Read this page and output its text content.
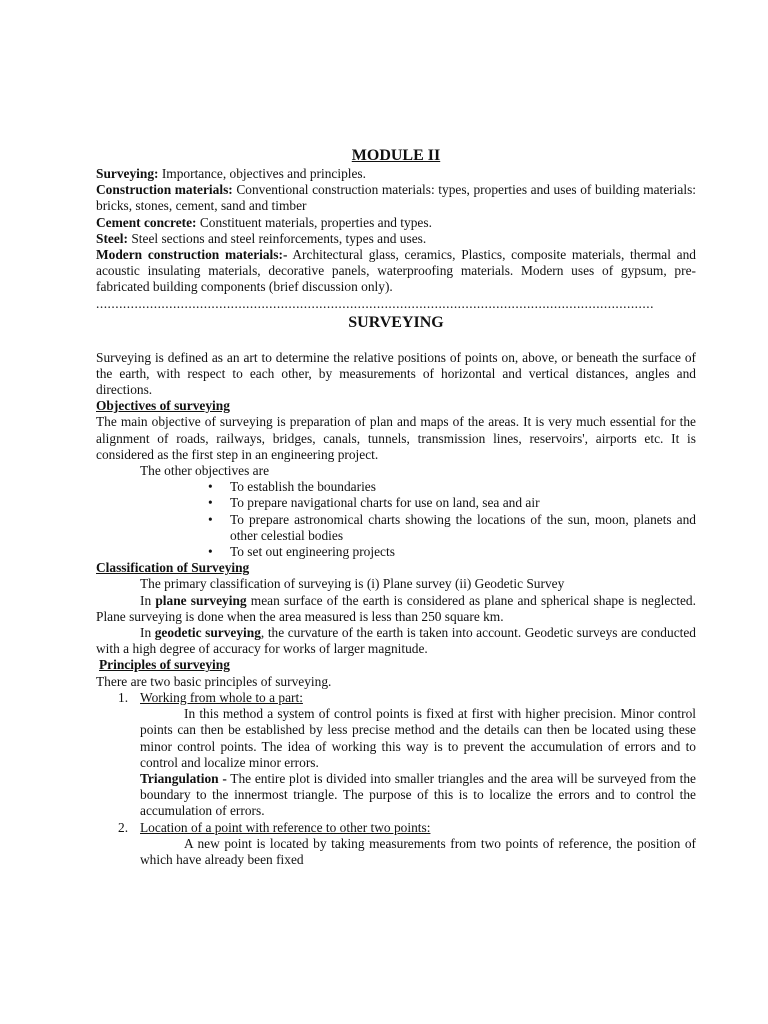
MODULE II

Surveying: Importance, objectives and principles.

Construction materials: Conventional construction materials: types, properties and uses of building materials: bricks, stones, cement, sand and timber

Cement concrete: Constituent materials, properties and types.

Steel: Steel sections and steel reinforcements, types and uses.

Modern construction materials:- Architectural glass, ceramics, Plastics, composite materials, thermal and acoustic insulating materials, decorative panels, waterproofing materials. Modern uses of gypsum, pre-fabricated building components (brief discussion only).

.................................................................................................................................................
SURVEYING

Surveying is defined as an art to determine the relative positions of points on, above, or beneath the surface of the earth, with respect to each other, by measurements of horizontal and vertical distances, angles and directions.

Objectives of surveying

The main objective of surveying is preparation of plan and maps of the areas. It is very much essential for the alignment of roads, railways, bridges, canals, tunnels, transmission lines, reservoirs', airports etc. It is considered as the first step in an engineering project.

The other objectives are

• To establish the boundaries
• To prepare navigational charts for use on land, sea and air
• To prepare astronomical charts showing the locations of the sun, moon, planets and other celestial bodies
• To set out engineering projects

Classification of Surveying

The primary classification of surveying is (i) Plane survey (ii) Geodetic Survey

In plane surveying mean surface of the earth is considered as plane and spherical shape is neglected. Plane surveying is done when the area measured is less than 250 square km.

In geodetic surveying, the curvature of the earth is taken into account. Geodetic surveys are conducted with a high degree of accuracy for works of larger magnitude.

Principles of surveying

There are two basic principles of surveying.

1. Working from whole to a part:

In this method a system of control points is fixed at first with higher precision. Minor control points can then be established by less precise method and the details can then be located using these minor control points. The idea of working this way is to prevent the accumulation of errors and to control and localize minor errors.

Triangulation - The entire plot is divided into smaller triangles and the area will be surveyed from the boundary to the innermost triangle. The purpose of this is to localize the errors and to control the accumulation of errors.

2. Location of a point with reference to other two points:

A new point is located by taking measurements from two points of reference, the position of which have already been fixed
